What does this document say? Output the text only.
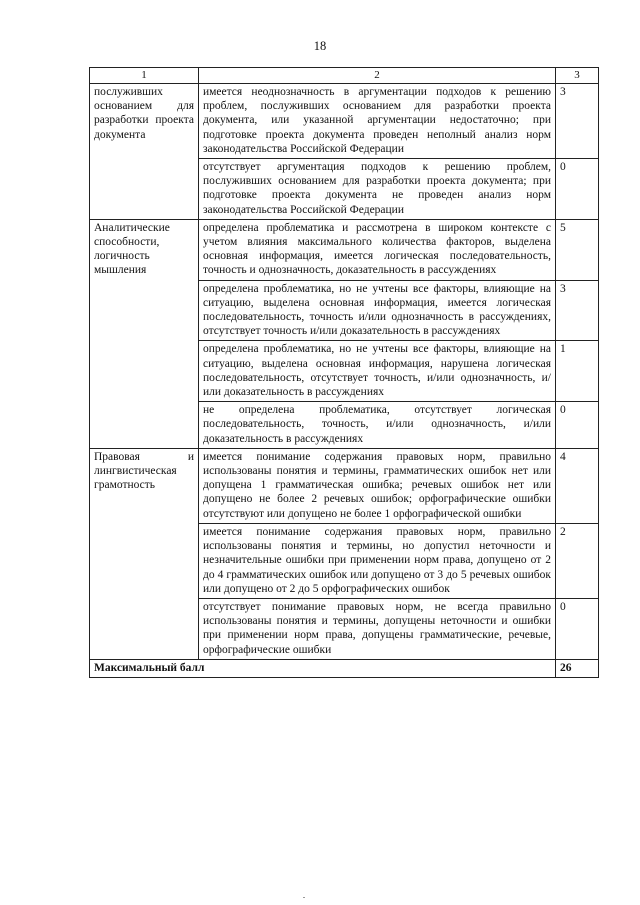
18
1	2	3
послуживших основанием для разработки проекта документа	имеется неоднозначность в аргументации подходов к решению проблем, послуживших основанием для разработки проекта документа, или указанной аргументации недостаточно; при подготовке проекта документа проведен неполный анализ норм законодательства Российской Федерации	3
	отсутствует аргументация подходов к решению проблем, послуживших основанием для разработки проекта документа; при подготовке проекта документа не проведен анализ норм законодательства Российской Федерации	0
Аналитические способности, логичность мышления	определена проблематика и рассмотрена в широком контексте с учетом влияния максимального количества факторов, выделена основная информация, имеется логическая последовательность, точность и однозначность, доказательность в рассуждениях	5
	определена проблематика, но не учтены все факторы, влияющие на ситуацию, выделена основная информация, имеется логическая последовательность, точность и/или однозначность в рассуждениях, отсутствует точность и/или доказательность в рассуждениях	3
	определена проблематика, но не учтены все факторы, влияющие на ситуацию, выделена основная информация, нарушена логическая последовательность, отсутствует точность, и/или однозначность, и/или доказательность в рассуждениях	1
	не определена проблематика, отсутствует логическая последовательность, точность, и/или однозначность, и/или доказательность в рассуждениях	0
Правовая и лингвистическая грамотность	имеется понимание содержания правовых норм, правильно использованы понятия и термины, грамматических ошибок нет или допущена 1 грамматическая ошибка; речевых ошибок нет или допущено не более 2 речевых ошибок; орфографические ошибки отсутствуют или допущено не более 1 орфографической ошибки	4
	имеется понимание содержания правовых норм, правильно использованы понятия и термины, но допустил неточности и незначительные ошибки при применении норм права, допущено от 2 до 4 грамматических ошибок или допущено от 3 до 5 речевых ошибок или допущено от 2 до 5 орфографических ошибок	2
	отсутствует понимание правовых норм, не всегда правильно использованы понятия и термины, допущены неточности и ошибки при применении норм права, допущены грамматические, речевые, орфографические ошибки	0
Максимальный балл		26
